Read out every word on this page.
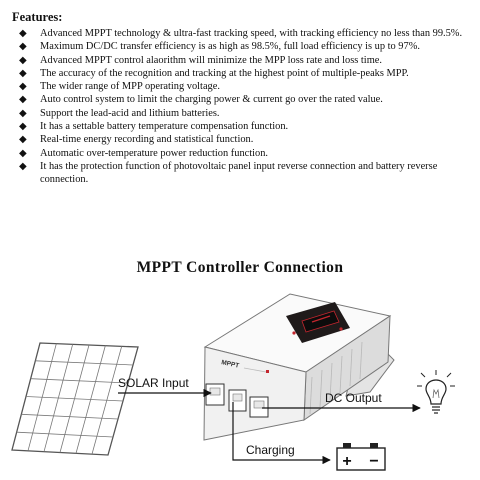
Features:
◆ Advanced MPPT technology & ultra-fast tracking speed, with tracking efficiency no less than 99.5%.
◆ Maximum DC/DC transfer efficiency is as high as 98.5%, full load efficiency is up to 97%.
◆ Advanced MPPT control alaorithm will minimize the MPP loss rate and loss time.
◆ The accuracy of the recognition and tracking at the highest point of multiple-peaks MPP.
◆ The wider range of MPP operating voltage.
◆ Auto control system to limit the charging power & current go over the rated value.
◆ Support the lead-acid and lithium batteries.
◆ It has a settable battery temperature compensation function.
◆ Real-time energy recording and statistical function.
◆ Automatic over-temperature power reduction function.
◆ It has the protection function of photovoltaic panel input reverse connection and battery reverse connection.
MPPT Controller Connection
MPPT
SOLAR Input
DC Output
Charging
+ −
